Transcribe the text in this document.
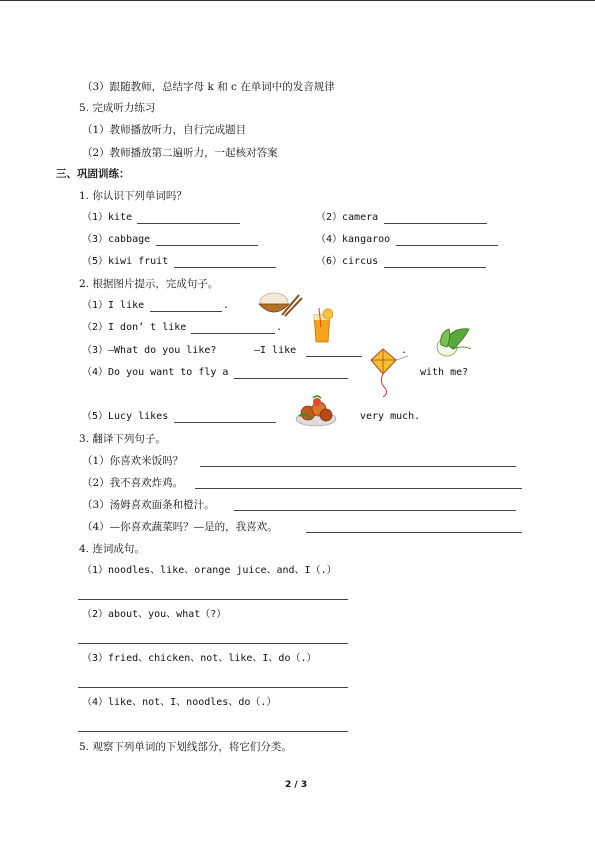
（3）跟随教师，总结字母 k 和 c 在单词中的发音规律
5. 完成听力练习
（1）教师播放听力，自行完成题目
（2）教师播放第二遍听力，一起核对答案
三、巩固训练：
1. 你认识下列单词吗？
（1）kite	（2）camera
（3）cabbage	（4）kangaroo
（5）kiwi fruit	（6）circus
2. 根据图片提示，完成句子。
（1）I like	.
（2）I don’ t like	.
（3）—What do you like?	—I like	.
（4）Do you want to fly a	with me?
（5）Lucy likes	very much.
3. 翻译下列句子。
（1）你喜欢米饭吗？
（2）我不喜欢炸鸡。
（3）汤姆喜欢面条和橙汁。
（4）—你喜欢蔬菜吗？—是的，我喜欢。
4. 连词成句。
（1）noodles、like、orange juice、and、I（.）
（2）about、you、what（?）
（3）fried、chicken、not、like、I、do（.）
（4）like、not、I、noodles、do（.）
5. 观察下列单词的下划线部分，将它们分类。
2 / 3
